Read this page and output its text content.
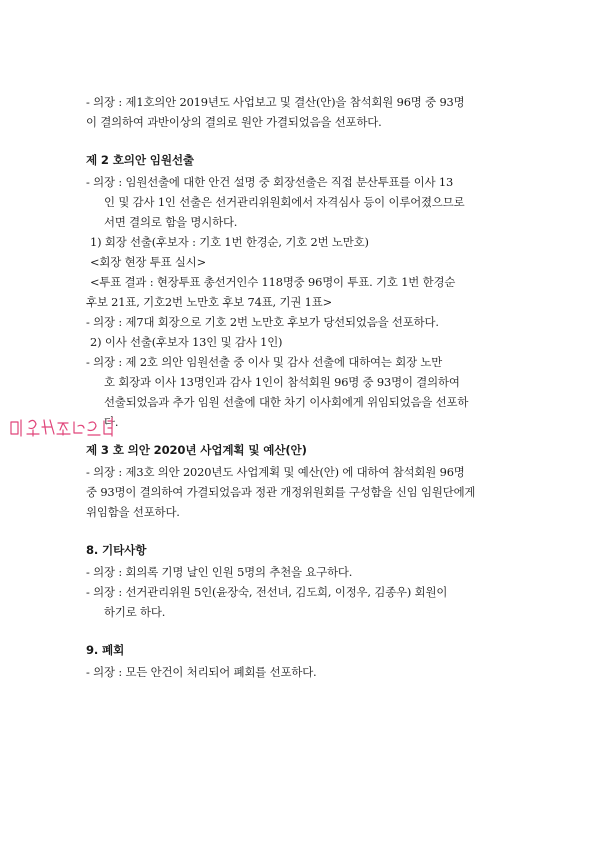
- 의장 : 제1호의안 2019년도 사업보고 및 결산(안)을 참석회원 96명 중 93명
이 결의하여 과반이상의 결의로 원안 가결되었음을 선포하다.
제 2 호의안 임원선출
- 의장 : 임원선출에 대한 안건 설명 중 회장선출은 직접 분산투표를 이사 13
인 및 감사 1인 선출은 선거관리위원회에서 자격심사 등이 이루어졌으므로
서면 결의로 함을 명시하다.
1) 회장 선출(후보자 : 기호 1번 한경순, 기호 2번 노만호)
<회장 현장 투표 실시>
<투표 결과 : 현장투표 총선거인수 118명중 96명이 투표. 기호 1번 한경순
후보 21표, 기호2번 노만호 후보 74표, 기권 1표>
- 의장 : 제7대 회장으로 기호 2번 노만호 후보가 당선되었음을 선포하다.
2) 이사 선출(후보자 13인 및 감사 1인)
- 의장 : 제 2호 의안 임원선출 중 이사 및 감사 선출에 대하여는 회장 노만
호 회장과 이사 13명인과 감사 1인이 참석회원 96명 중 93명이 결의하여
선출되었음과 추가 임원 선출에 대한 차기 이사회에게 위임되었음을 선포하
다.
제 3 호 의안 2020년 사업계획 및 예산(안)
- 의장 : 제3호 의안 2020년도 사업계획 및 예산(안) 에 대하여 참석회원 96명
중 93명이 결의하여 가결되었음과 정관 개정위원회를 구성함을 신임 임원단에게
위임함을 선포하다.
8. 기타사항
- 의장 : 회의록 기명 날인 인원 5명의 추천을 요구하다.
- 의장 : 선거관리위원 5인(윤장숙, 전선녀, 김도희, 이정우, 김종우) 회원이
하기로 하다.
9. 폐회
- 의장 : 모든 안건이 처리되어 폐회를 선포하다.
